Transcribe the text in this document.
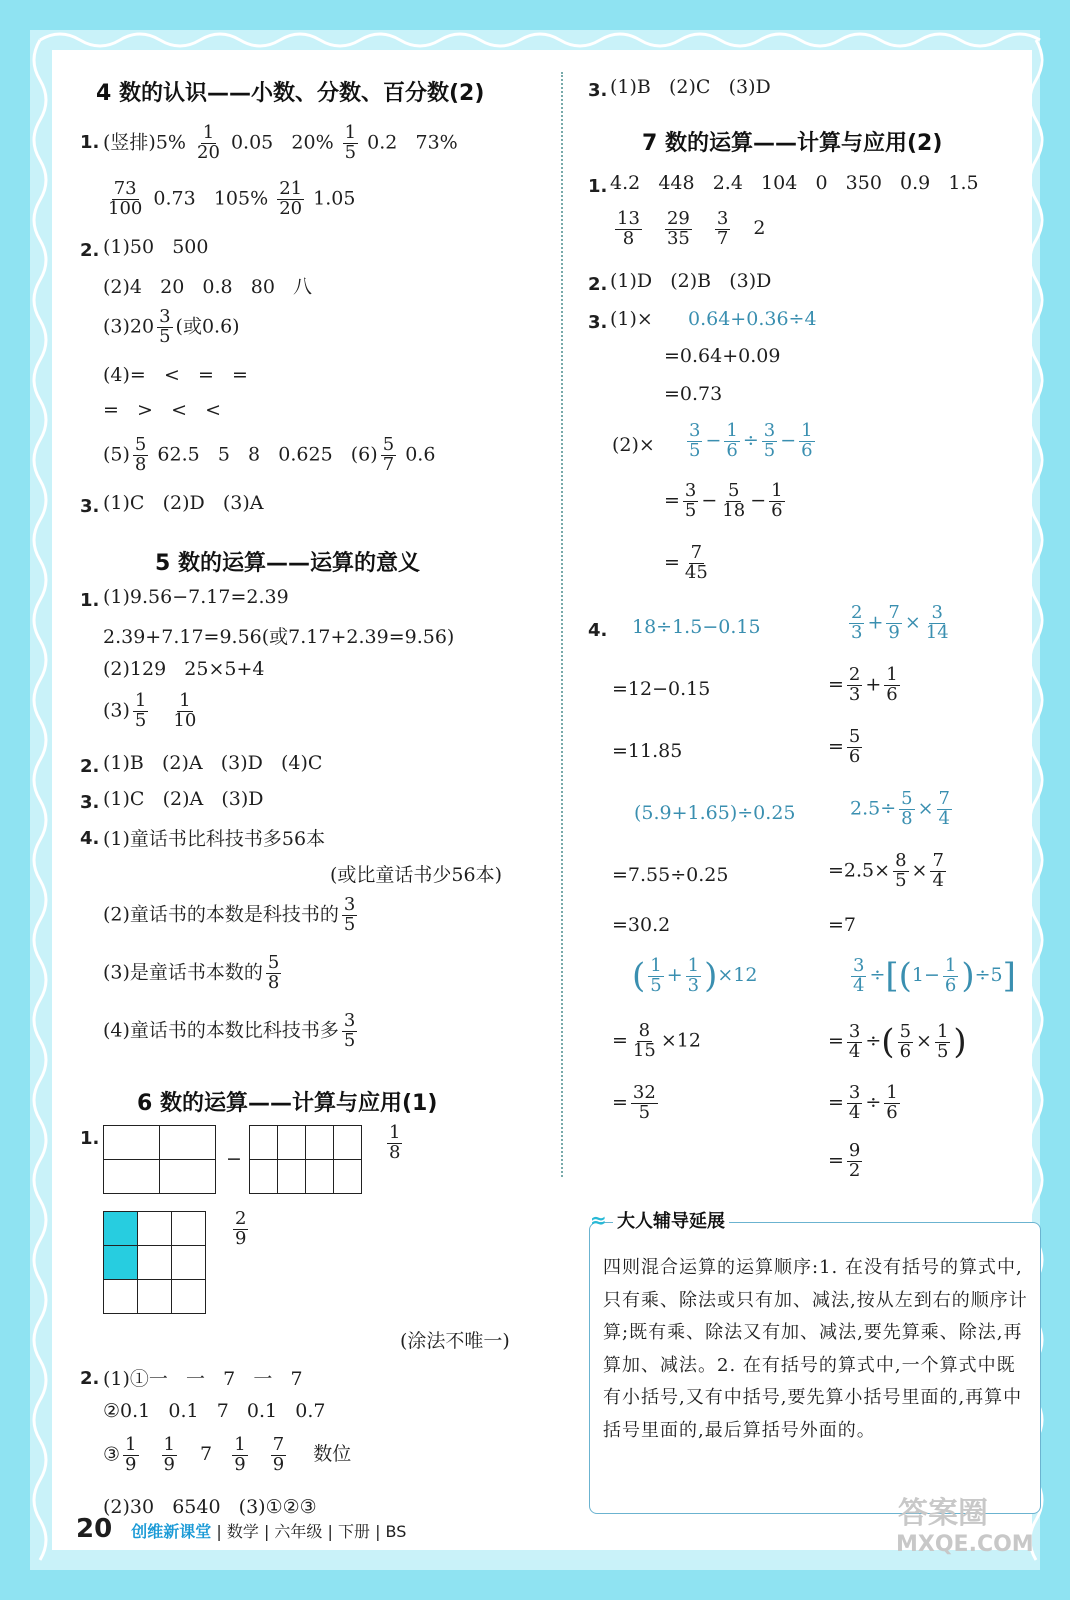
4 数的认识——小数、分数、百分数(2)
1. (竖排)$5\% \frac{1}{20} 0.05$   $20\% \frac{1}{5} 0.2$   73%
$\frac{73}{100} 0.73$   $105\% \frac{21}{20} 1.05$
2. (1)50   500
(2)4   20   0.8   80   八
$(3)20 \frac{3}{5}$ (或0.6)
(4)=   <   =   =
=   >   <   <
$(5) \frac{5}{8} 62.5$   5   8   0.625   $(6) \frac{5}{7} 0.6$
3. (1)C   (2)D   (3)A
5 数的运算——运算的意义
1. (1)9.56−7.17=2.39
2.39+7.17=9.56(或7.17+2.39=9.56)
(2)129   25×5+4
$(3) \frac{1}{5}$
$\frac{1}{10}$
2. (1)B   (2)A   (3)D   (4)C
3. (1)C   (2)A   (3)D
4. (1)童话书比科技书多56本
(或比童话书少56本)
(2)童话书的本数是科技书的 $\frac{3}{5}$
(3)是童话书本数的 $\frac{5}{8}$
(4)童话书的本数比科技书多 $\frac{3}{5}$
6 数的运算——计算与应用(1)
1.

−

				$\frac{1}{8}$

$\frac{2}{9}$
(涂法不唯一)
2. (1)①一   一   7   一   7
②0.1   0.1   7   0.1   0.7
③ $\frac{1}{9}$
$\frac{1}{9} 7 \frac{1}{9}$
$\frac{7}{9}$ 数位
(2)30   6540   (3)①②③
3. (1)B   (2)C   (3)D
7 数的运算——计算与应用(2)
1. 4.2   448   2.4   104   0   350   0.9   1.5
$\frac{13}{8}$
$\frac{29}{35}$
$\frac{3}{7} 2$
2. (1)D   (2)B   (3)D
3. (1)× 0.64+0.36÷4
=0.64+0.09
=0.73
$(2)\times \frac{3}{5} - \frac{1}{6} \div \frac{3}{5} - \frac{1}{6}$
= $\frac{3}{5} - \frac{5}{18} - \frac{1}{6}$
= $\frac{7}{45}$
4. 18÷1.5−0.15
=12−0.15
=11.85
$\frac{2}{3} + \frac{7}{9} \times \frac{3}{14}$
= $\frac{2}{3} + \frac{1}{6}$
= $\frac{5}{6}$
(5.9+1.65)÷0.25
=7.55÷0.25
=30.2
$2.5\div \frac{5}{8} \times \frac{7}{4}$
$=2.5\times \frac{8}{5} \times \frac{7}{4}$
=7
( $\frac{1}{5} + \frac{1}{3} )\times 12$
= $\frac{8}{15} \times 12$
= $\frac{32}{5}$
$\frac{3}{4} \div[(1- \frac{1}{6} )\div 5]$
= $\frac{3}{4}$ ÷( $\frac{5}{6} \times \frac{1}{5}$ )
= $\frac{3}{4} \div \frac{1}{6}$
= $\frac{9}{2}$
≈ 大人辅导延展
四则混合运算的运算顺序:1. 在没有括号的算式中,只有乘、除法或只有加、减法,按从左到右的顺序计算;既有乘、除法又有加、减法,要先算乘、除法,再算加、减法。2. 在有括号的算式中,一个算式中既有小括号,又有中括号,要先算小括号里面的,再算中括号里面的,最后算括号外面的。
20 创维新课堂 | 数学 | 六年级 | 下册 | BS
答案圈
MXQE.COM
